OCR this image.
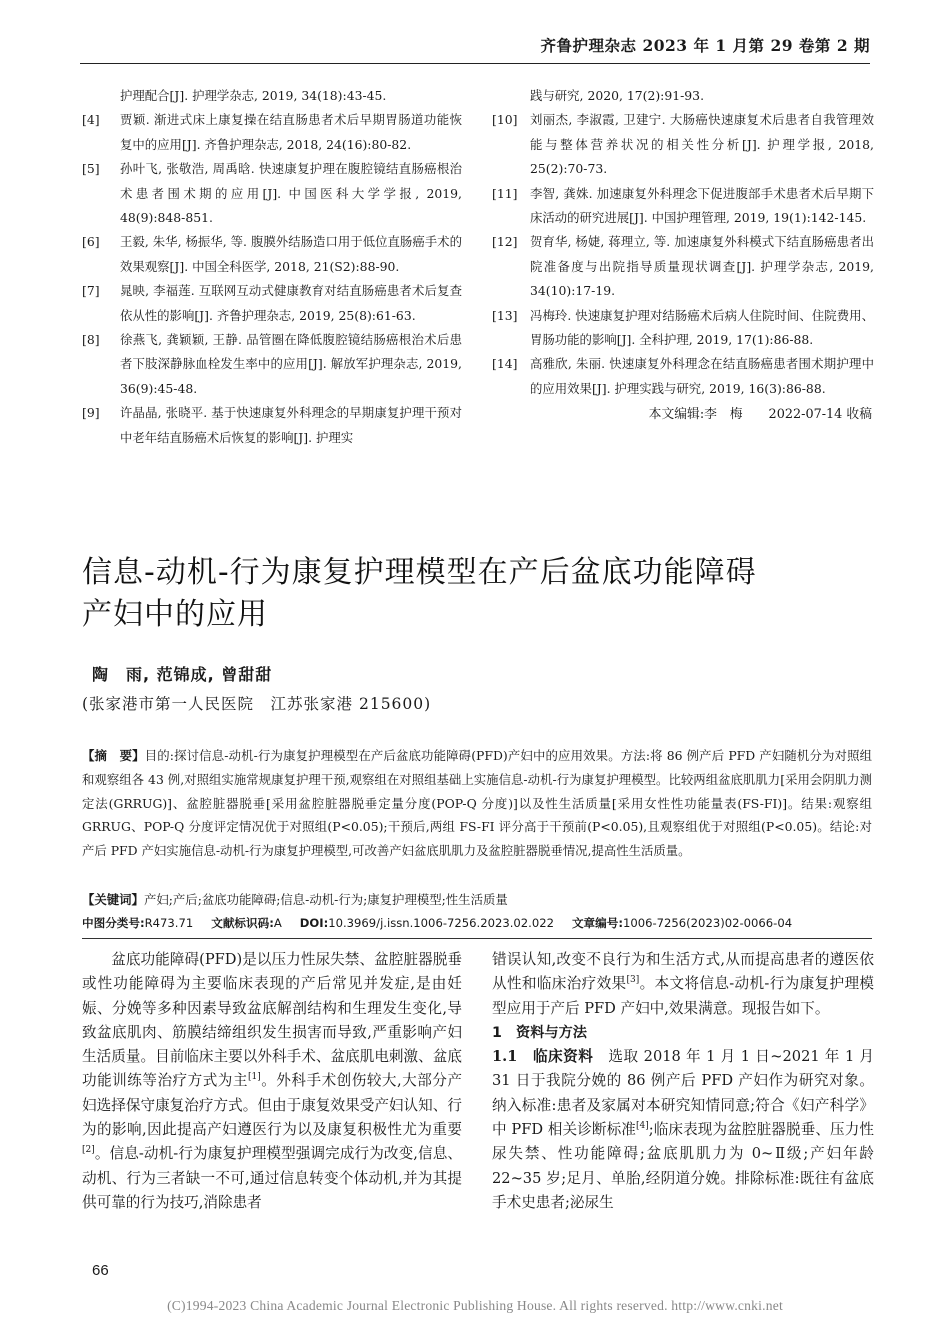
齐鲁护理杂志 2023 年 1 月第 29 卷第 2 期
护理配合[J]. 护理学杂志, 2019, 34(18):43-45.
[4]	贾颖. 渐进式床上康复操在结直肠患者术后早期胃肠道功能恢复中的应用[J]. 齐鲁护理杂志, 2018, 24(16):80-82.
[5]	孙叶飞, 张敬浩, 周禹晗. 快速康复护理在腹腔镜结直肠癌根治术患者围术期的应用[J]. 中国医科大学学报, 2019, 48(9):848-851.
[6]	王毅, 朱华, 杨振华, 等. 腹膜外结肠造口用于低位直肠癌手术的效果观察[J]. 中国全科医学, 2018, 21(S2):88-90.
[7]	晁映, 李福莲. 互联网互动式健康教育对结直肠癌患者术后复查依从性的影响[J]. 齐鲁护理杂志, 2019, 25(8):61-63.
[8]	徐燕飞, 龚颖颖, 王静. 品管圈在降低腹腔镜结肠癌根治术后患者下肢深静脉血栓发生率中的应用[J]. 解放军护理杂志, 2019, 36(9):45-48.
[9]	许晶晶, 张晓平. 基于快速康复外科理念的早期康复护理干预对中老年结直肠癌术后恢复的影响[J]. 护理实
践与研究, 2020, 17(2):91-93.
[10]	刘丽杰, 李淑霞, 卫建宁. 大肠癌快速康复术后患者自我管理效能与整体营养状况的相关性分析[J]. 护理学报, 2018, 25(2):70-73.
[11]	李智, 龚姝. 加速康复外科理念下促进腹部手术患者术后早期下床活动的研究进展[J]. 中国护理管理, 2019, 19(1):142-145.
[12]	贺育华, 杨婕, 蒋理立, 等. 加速康复外科模式下结直肠癌患者出院准备度与出院指导质量现状调查[J]. 护理学杂志, 2019, 34(10):17-19.
[13]	冯梅玲. 快速康复护理对结肠癌术后病人住院时间、住院费用、胃肠功能的影响[J]. 全科护理, 2019, 17(1):86-88.
[14]	高雅欣, 朱丽. 快速康复外科理念在结直肠癌患者围术期护理中的应用效果[J]. 护理实践与研究, 2019, 16(3):86-88.
本文编辑:李　梅 2022-07-14 收稿
信息-动机-行为康复护理模型在产后盆底功能障碍
产妇中的应用
陶　雨, 范锦成, 曾甜甜
(张家港市第一人民医院　江苏张家港 215600)
【摘　要】目的:探讨信息-动机-行为康复护理模型在产后盆底功能障碍(PFD)产妇中的应用效果。方法:将 86 例产后 PFD 产妇随机分为对照组和观察组各 43 例,对照组实施常规康复护理干预,观察组在对照组基础上实施信息-动机-行为康复护理模型。比较两组盆底肌肌力[采用会阴肌力测定法(GRRUG)]、盆腔脏器脱垂[采用盆腔脏器脱垂定量分度(POP-Q 分度)]以及性生活质量[采用女性性功能量表(FS-FI)]。结果:观察组 GRRUG、POP-Q 分度评定情况优于对照组(P<0.05);干预后,两组 FS-FI 评分高于干预前(P<0.05),且观察组优于对照组(P<0.05)。结论:对产后 PFD 产妇实施信息-动机-行为康复护理模型,可改善产妇盆底肌肌力及盆腔脏器脱垂情况,提高性生活质量。
【关键词】产妇;产后;盆底功能障碍;信息-动机-行为;康复护理模型;性生活质量
中图分类号:R473.71 文献标识码:A DOI:10.3969/j.issn.1006-7256.2023.02.022 文章编号:1006-7256(2023)02-0066-04

盆底功能障碍(PFD)是以压力性尿失禁、盆腔脏器脱垂或性功能障碍为主要临床表现的产后常见并发症,是由妊娠、分娩等多种因素导致盆底解剖结构和生理发生变化,导致盆底肌肉、筋膜结缔组织发生损害而导致,严重影响产妇生活质量。目前临床主要以外科手术、盆底肌电刺激、盆底功能训练等治疗方式为主[1]。外科手术创伤较大,大部分产妇选择保守康复治疗方式。但由于康复效果受产妇认知、行为的影响,因此提高产妇遵医行为以及康复积极性尤为重要[2]。信息-动机-行为康复护理模型强调完成行为改变,信息、动机、行为三者缺一不可,通过信息转变个体动机,并为其提供可靠的行为技巧,消除患者

错误认知,改变不良行为和生活方式,从而提高患者的遵医依从性和临床治疗效果[3]。本文将信息-动机-行为康复护理模型应用于产后 PFD 产妇中,效果满意。现报告如下。

1　资料与方法

1.1　临床资料　选取 2018 年 1 月 1 日~2021 年 1 月 31 日于我院分娩的 86 例产后 PFD 产妇作为研究对象。纳入标准:患者及家属对本研究知情同意;符合《妇产科学》中 PFD 相关诊断标准[4];临床表现为盆腔脏器脱垂、压力性尿失禁、性功能障碍;盆底肌肌力为 0~Ⅱ级;产妇年龄 22~35 岁;足月、单胎,经阴道分娩。排除标准:既往有盆底手术史患者;泌尿生

66
(C)1994-2023 China Academic Journal Electronic Publishing House. All rights reserved. http://www.cnki.net
